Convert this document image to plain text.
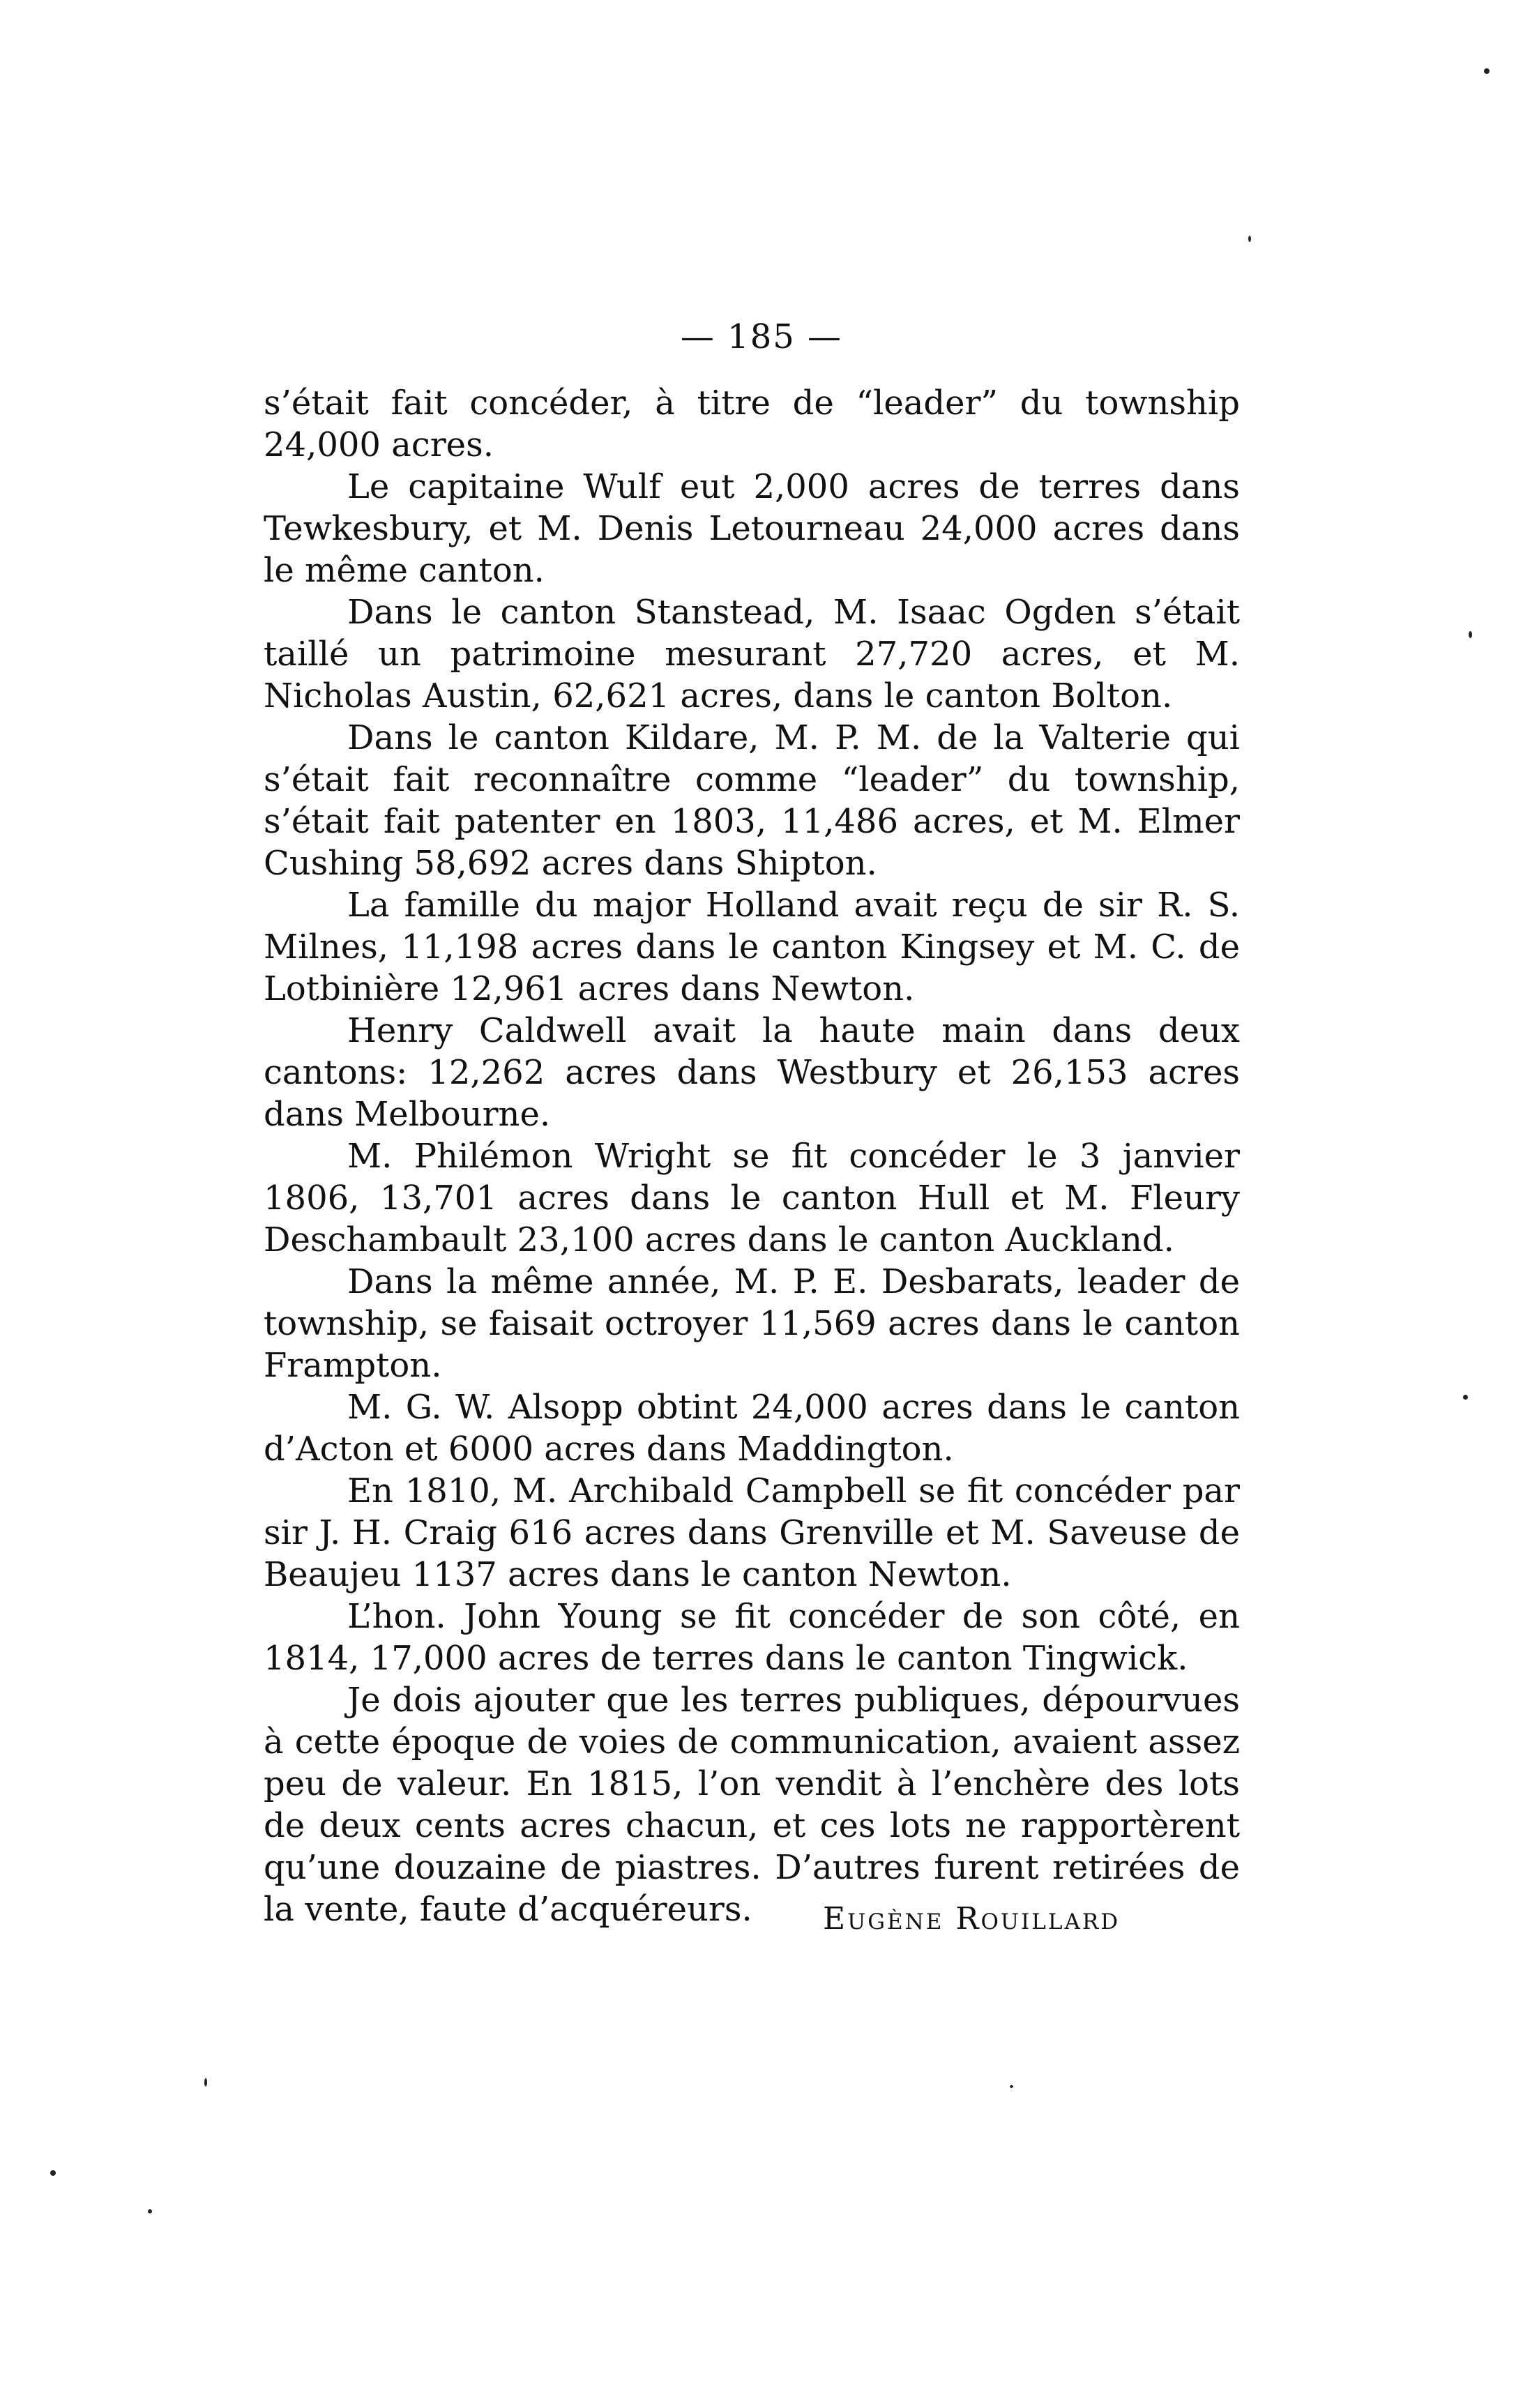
— 185 —

s’était fait concéder, à titre de “leader” du township 24,000 acres.

Le capitaine Wulf eut 2,000 acres de terres dans Tewkesbury, et M. Denis Letourneau 24,000 acres dans le même canton.

Dans le canton Stanstead, M. Isaac Ogden s’était taillé un patrimoine mesurant 27,720 acres, et M. Nicholas Austin, 62,621 acres, dans le canton Bolton.

Dans le canton Kildare, M. P. M. de la Valterie qui s’était fait reconnaître comme “leader” du township, s’était fait patenter en 1803, 11,486 acres, et M. Elmer Cushing 58,692 acres dans Shipton.

La famille du major Holland avait reçu de sir R. S. Milnes, 11,198 acres dans le canton Kingsey et M. C. de Lotbinière 12,961 acres dans Newton.

Henry Caldwell avait la haute main dans deux cantons: 12,262 acres dans Westbury et 26,153 acres dans Melbourne.

M. Philémon Wright se fit concéder le 3 janvier 1806, 13,701 acres dans le canton Hull et M. Fleury Deschambault 23,100 acres dans le canton Auckland.

Dans la même année, M. P. E. Desbarats, leader de township, se faisait octroyer 11,569 acres dans le canton Frampton.

M. G. W. Alsopp obtint 24,000 acres dans le canton d’Acton et 6000 acres dans Maddington.

En 1810, M. Archibald Campbell se fit concéder par sir J. H. Craig 616 acres dans Grenville et M. Saveuse de Beaujeu 1137 acres dans le canton Newton.

L’hon. John Young se fit concéder de son côté, en 1814, 17,000 acres de terres dans le canton Tingwick.

Je dois ajouter que les terres publiques, dépourvues à cette époque de voies de communication, avaient assez peu de valeur. En 1815, l’on vendit à l’enchère des lots de deux cents acres chacun, et ces lots ne rapportèrent qu’une douzaine de piastres. D’autres furent retirées de la vente, faute d’acquéreurs.	Eugène Rouillard
